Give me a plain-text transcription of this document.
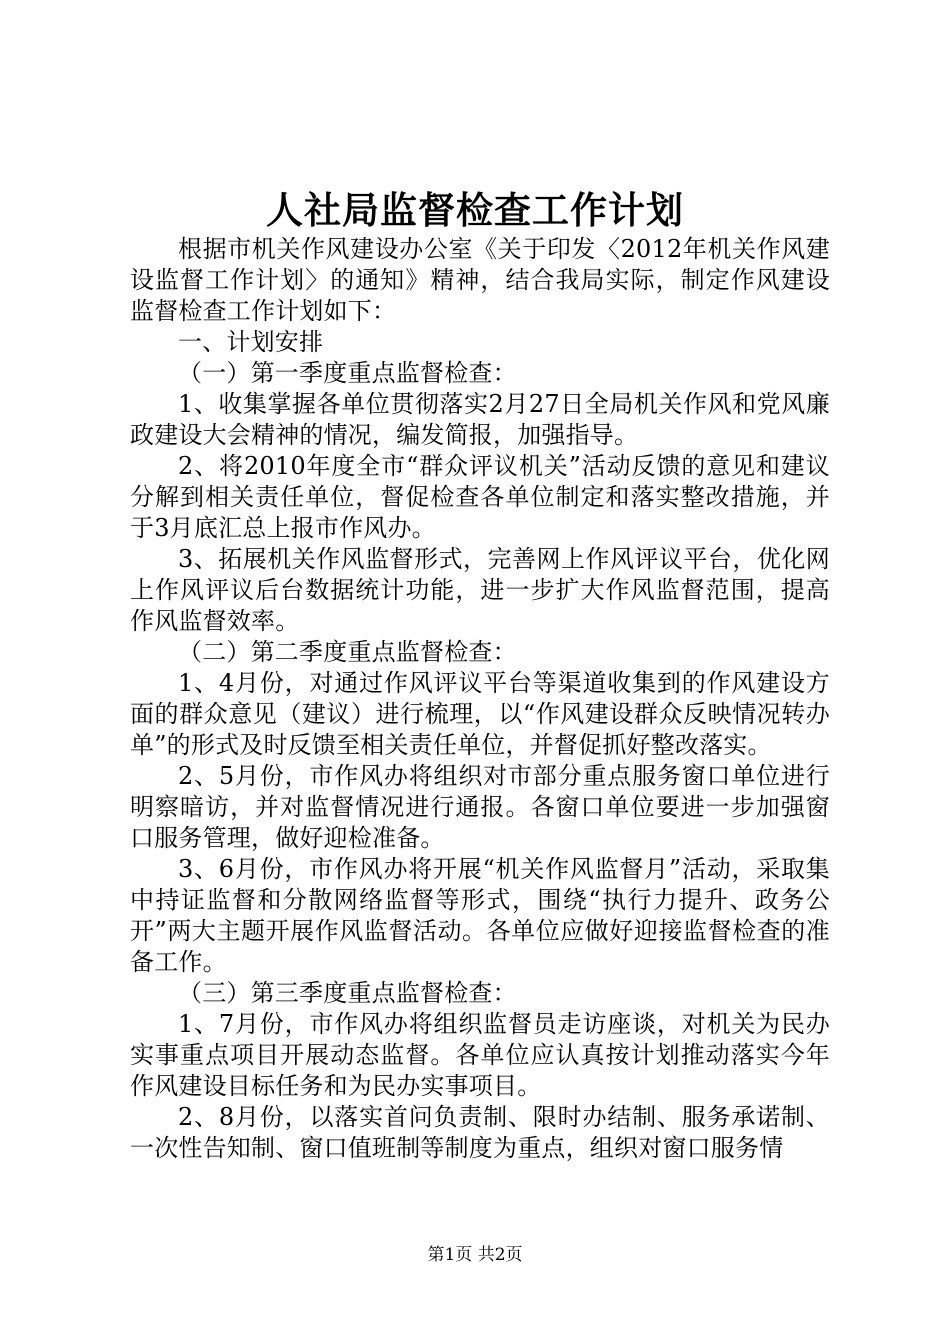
人社局监督检查工作计划

根据市机关作风建设办公室《关于印发〈2012年机关作风建设监督工作计划〉的通知》精神，结合我局实际，制定作风建设监督检查工作计划如下：

一、计划安排

（一）第一季度重点监督检查：

1、收集掌握各单位贯彻落实2月27日全局机关作风和党风廉政建设大会精神的情况，编发简报，加强指导。

2、将2010年度全市“群众评议机关”活动反馈的意见和建议分解到相关责任单位，督促检查各单位制定和落实整改措施，并于3月底汇总上报市作风办。

3、拓展机关作风监督形式，完善网上作风评议平台，优化网上作风评议后台数据统计功能，进一步扩大作风监督范围，提高作风监督效率。

（二）第二季度重点监督检查：

1、4月份，对通过作风评议平台等渠道收集到的作风建设方面的群众意见（建议）进行梳理，以“作风建设群众反映情况转办单”的形式及时反馈至相关责任单位，并督促抓好整改落实。

2、5月份，市作风办将组织对市部分重点服务窗口单位进行明察暗访，并对监督情况进行通报。各窗口单位要进一步加强窗口服务管理，做好迎检准备。

3、6月份，市作风办将开展“机关作风监督月”活动，采取集中持证监督和分散网络监督等形式，围绕“执行力提升、政务公开”两大主题开展作风监督活动。各单位应做好迎接监督检查的准备工作。

（三）第三季度重点监督检查：

1、7月份，市作风办将组织监督员走访座谈，对机关为民办实事重点项目开展动态监督。各单位应认真按计划推动落实今年作风建设目标任务和为民办实事项目。

2、8月份，以落实首问负责制、限时办结制、服务承诺制、一次性告知制、窗口值班制等制度为重点，组织对窗口服务情

第1页 共2页
